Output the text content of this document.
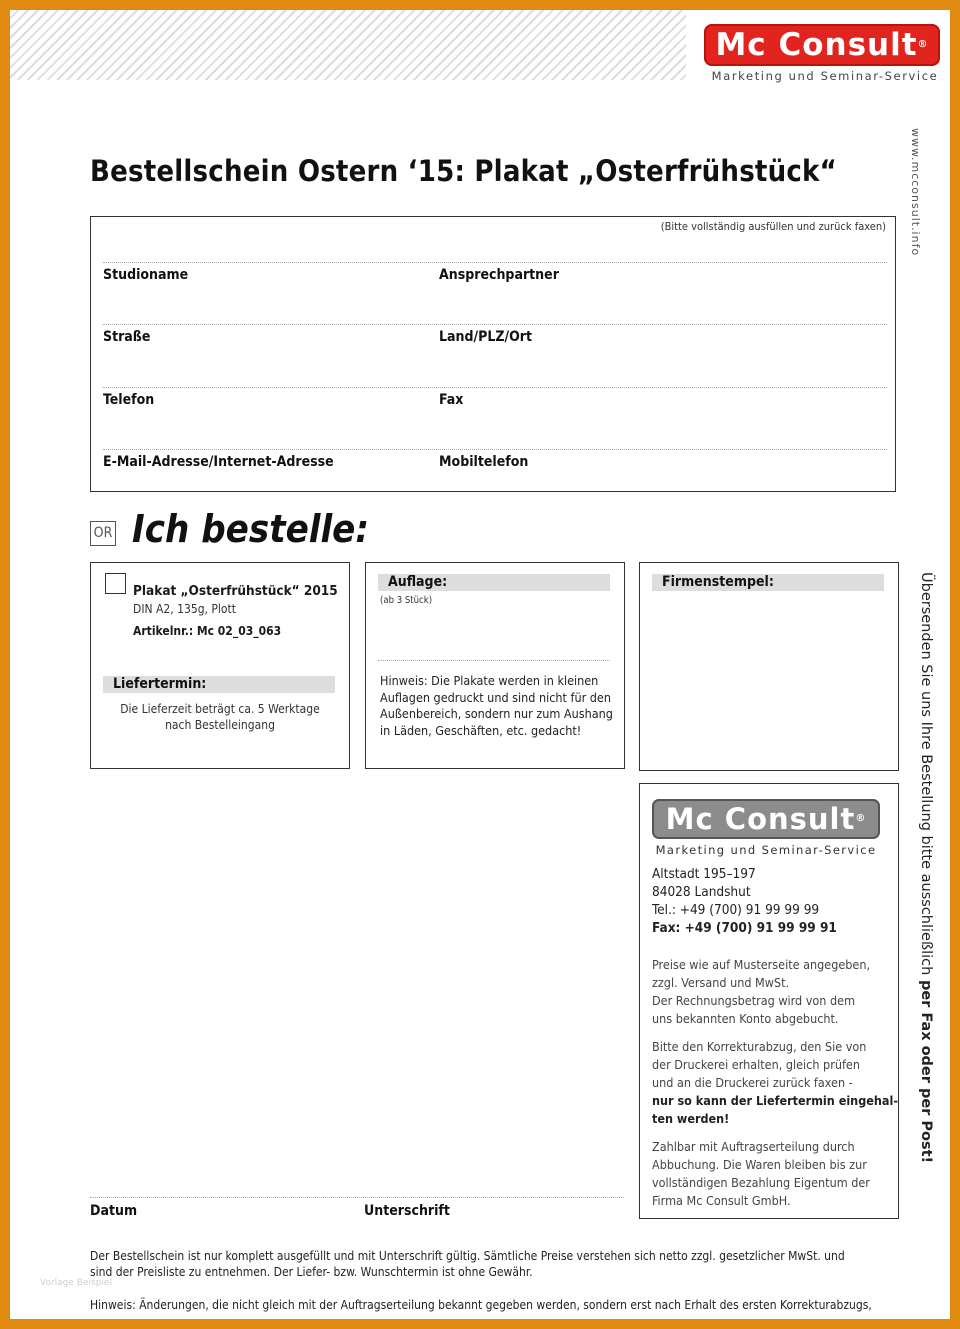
Mc Consult®
Marketing und Seminar-Service
www.mcconsult.info
Bestellschein Ostern ‘15: Plakat „Osterfrühstück“
(Bitte vollständig ausfüllen und zurück faxen)
Studioname	Ansprechpartner
Straße	Land/PLZ/Ort
Telefon	Fax
E-Mail-Adresse/Internet-Adresse	Mobiltelefon
OR Ich bestelle:
Plakat „Osterfrühstück“ 2015
DIN A2, 135g, Plott
Artikelnr.: Mc 02_03_063
Liefertermin:
Die Lieferzeit beträgt ca. 5 Werktage
nach Bestelleingang
Auflage:
(ab 3 Stück)
Hinweis: Die Plakate werden in kleinen
Auflagen gedruckt und sind nicht für den
Außenbereich, sondern nur zum Aushang
in Läden, Geschäften, etc. gedacht!
Firmenstempel:
Mc Consult®
Marketing und Seminar-Service
Altstadt 195–197
84028 Landshut
Tel.: +49 (700) 91 99 99 99
Fax: +49 (700) 91 99 99 91
Preise wie auf Musterseite angegeben,
zzgl. Versand und MwSt.
Der Rechnungsbetrag wird von dem
uns bekannten Konto abgebucht.
Bitte den Korrekturabzug, den Sie von
der Druckerei erhalten, gleich prüfen
und an die Druckerei zurück faxen -
nur so kann der Liefertermin eingehal-
ten werden!
Zahlbar mit Auftragserteilung durch
Abbuchung. Die Waren bleiben bis zur
vollständigen Bezahlung Eigentum der
Firma Mc Consult GmbH.
Übersenden Sie uns Ihre Bestellung bitte ausschließlich per Fax oder per Post!
Datum	Unterschrift
Der Bestellschein ist nur komplett ausgefüllt und mit Unterschrift gültig. Sämtliche Preise verstehen sich netto zzgl. gesetzlicher MwSt. und
sind der Preisliste zu entnehmen. Der Liefer- bzw. Wunschtermin ist ohne Gewähr.
Hinweis: Änderungen, die nicht gleich mit der Auftragserteilung bekannt gegeben werden, sondern erst nach Erhalt des ersten Korrekturabzugs,
Vorlage Beispiel
